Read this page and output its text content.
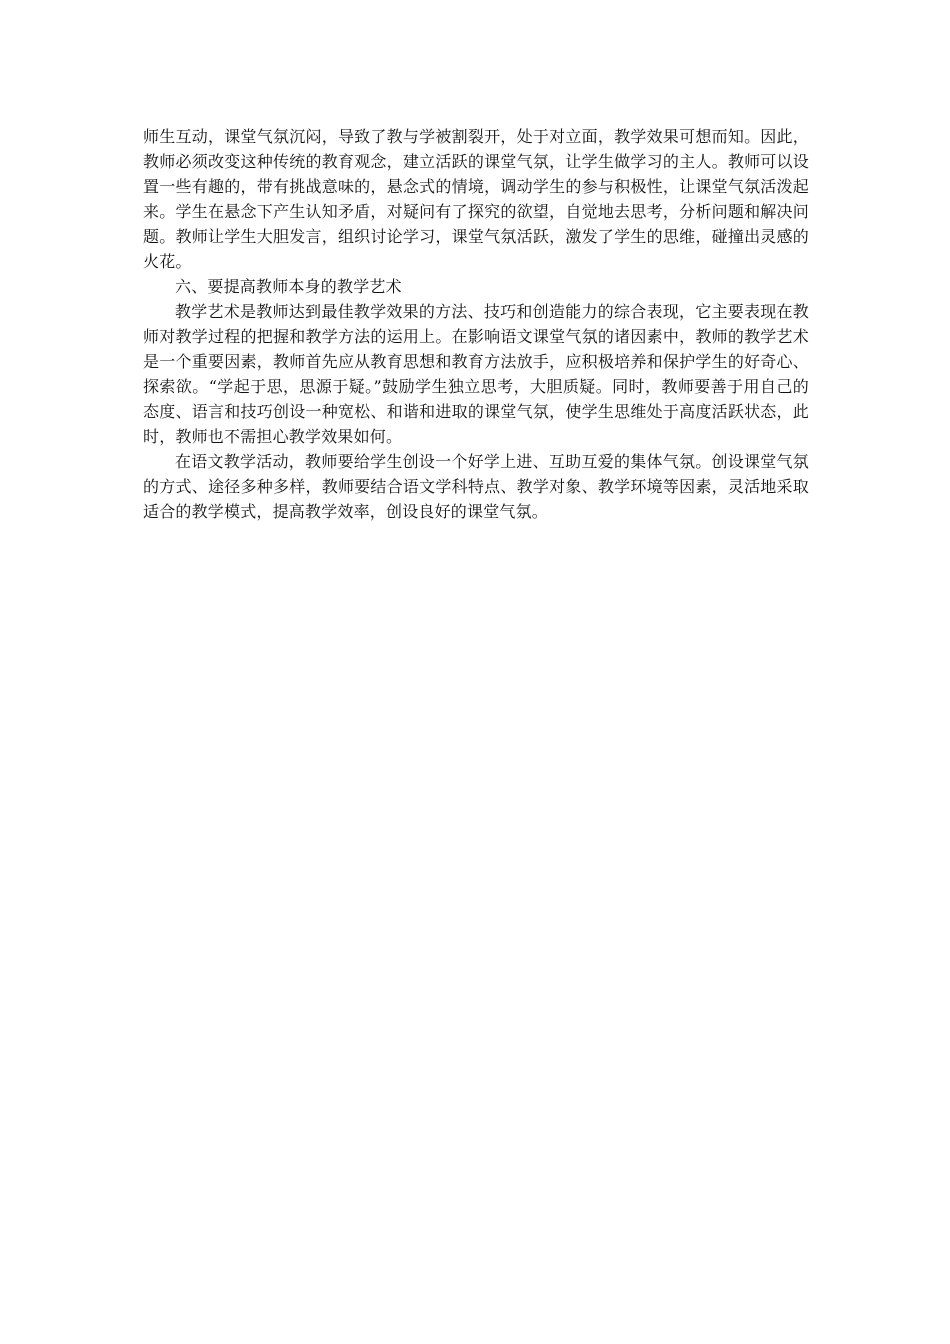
师生互动，课堂气氛沉闷，导致了教与学被割裂开，处于对立面，教学效果可想而知。因此，教师必须改变这种传统的教育观念，建立活跃的课堂气氛，让学生做学习的主人。教师可以设置一些有趣的，带有挑战意味的，悬念式的情境，调动学生的参与积极性，让课堂气氛活泼起来。学生在悬念下产生认知矛盾，对疑问有了探究的欲望，自觉地去思考，分析问题和解决问题。教师让学生大胆发言，组织讨论学习，课堂气氛活跃，激发了学生的思维，碰撞出灵感的火花。

六、要提高教师本身的教学艺术

教学艺术是教师达到最佳教学效果的方法、技巧和创造能力的综合表现，它主要表现在教师对教学过程的把握和教学方法的运用上。在影响语文课堂气氛的诸因素中，教师的教学艺术是一个重要因素，教师首先应从教育思想和教育方法放手，应积极培养和保护学生的好奇心、探索欲。“学起于思，思源于疑。”鼓励学生独立思考，大胆质疑。同时，教师要善于用自己的态度、语言和技巧创设一种宽松、和谐和进取的课堂气氛，使学生思维处于高度活跃状态，此时，教师也不需担心教学效果如何。

在语文教学活动，教师要给学生创设一个好学上进、互助互爱的集体气氛。创设课堂气氛的方式、途径多种多样，教师要结合语文学科特点、教学对象、教学环境等因素，灵活地采取适合的教学模式，提高教学效率，创设良好的课堂气氛。
